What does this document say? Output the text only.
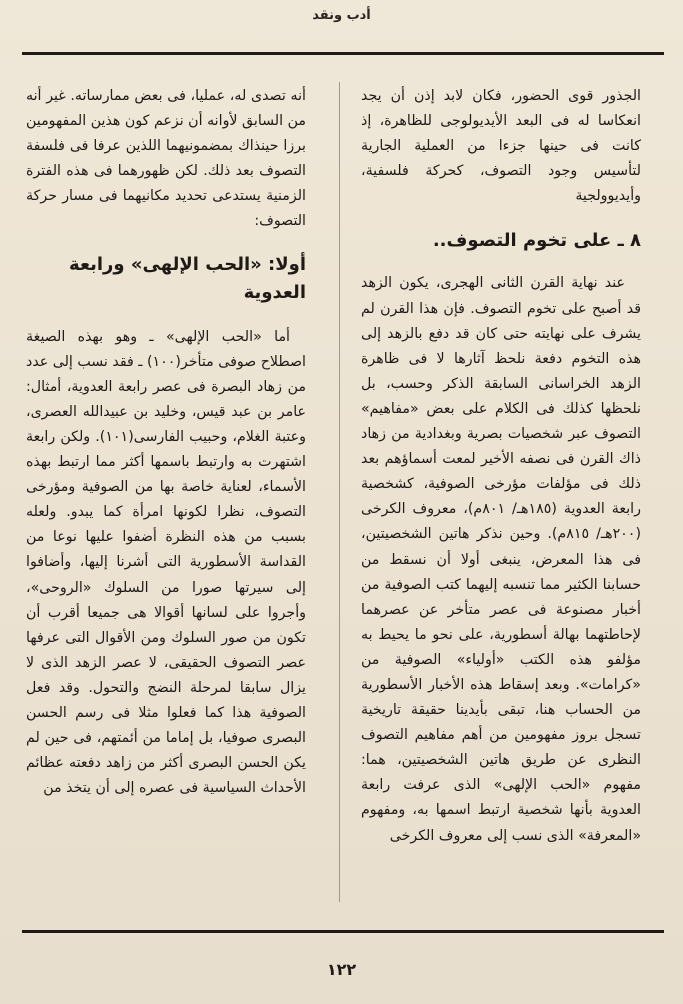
أدب ونقد

الجذور قوى الحضور، فكان لابد إذن أن يجد انعكاسا له فى البعد الأيديولوجى للظاهرة، إذ كانت فى حينها جزءا من العملية الجارية لتأسيس وجود التصوف، كحركة فلسفية، وأيديوولجية

٨ ـ على تخوم التصوف..

عند نهاية القرن الثانى الهجرى، يكون الزهد قد أصبح على تخوم التصوف. فإن هذا القرن لم يشرف على نهايته حتى كان قد دفع بالزهد إلى هذه التخوم دفعة نلحظ آثارها لا فى ظاهرة الزهد الخراسانى السابقة الذكر وحسب، بل نلحظها كذلك فى الكلام على بعض «مفاهيم» التصوف عبر شخصيات بصرية وبغدادية من زهاد ذاك القرن فى نصفه الأخير لمعت أسماؤهم بعد ذلك فى مؤلفات مؤرخى الصوفية، كشخصية رابعة العدوية (١٨٥هـ/ ٨٠١م)، معروف الكرخى (٢٠٠هـ/ ٨١٥م). وحين نذكر هاتين الشخصيتين، فى هذا المعرض، ينبغى أولا أن نسقط من حسابنا الكثير مما تنسبه إليهما كتب الصوفية من أخبار مصنوعة فى عصر متأخر عن عصرهما لإحاطتهما بهالة أسطورية، على نحو ما يحيط به مؤلفو هذه الكتب «أولياء» الصوفية من «كرامات». وبعد إسقاط هذه الأخبار الأسطورية من الحساب هنا، تبقى بأيدينا حقيقة تاريخية تسجل بروز مفهومين من أهم مفاهيم التصوف النظرى عن طريق هاتين الشخصيتين، هما: مفهوم «الحب الإلهى» الذى عرفت رابعة العدوية بأنها شخصية ارتبط اسمها به، ومفهوم «المعرفة» الذى نسب إلى معروف الكرخى

أنه تصدى له، عمليا، فى بعض ممارساته. غير أنه من السابق لأوانه أن نزعم كون هذين المفهومين برزا حينذاك بمضمونيهما اللذين عرفا فى فلسفة التصوف بعد ذلك. لكن ظهورهما فى هذه الفترة الزمنية يستدعى تحديد مكانيهما فى مسار حركة التصوف:

أولا: «الحب الإلهى» ورابعة العدوية

أما «الحب الإلهى» ـ وهو بهذه الصيغة اصطلاح صوفى متأخر(١٠٠) ـ فقد نسب إلى عدد من زهاد البصرة فى عصر رابعة العدوية، أمثال: عامر بن عبد قيس، وخليد بن عبيدالله العصرى، وعتبة الغلام، وحبيب الفارسى(١٠١). ولكن رابعة اشتهرت به وارتبط باسمها أكثر مما ارتبط بهذه الأسماء، لعناية خاصة بها من الصوفية ومؤرخى التصوف، نظرا لكونها امرأة كما يبدو. ولعله بسبب من هذه النظرة أضفوا عليها نوعا من القداسة الأسطورية التى أشرنا إليها، وأضافوا إلى سيرتها صورا من السلوك «الروحى»، وأجروا على لسانها أقوالا هى جميعا أقرب أن تكون من صور السلوك ومن الأقوال التى عرفها عصر التصوف الحقيقى، لا عصر الزهد الذى لا يزال سابقا لمرحلة النضج والتحول. وقد فعل الصوفية هذا كما فعلوا مثلا فى رسم الحسن البصرى صوفيا، بل إماما من أئمتهم، فى حين لم يكن الحسن البصرى أكثر من زاهد دفعته عظائم الأحداث السياسية فى عصره إلى أن يتخذ من

١٢٢
